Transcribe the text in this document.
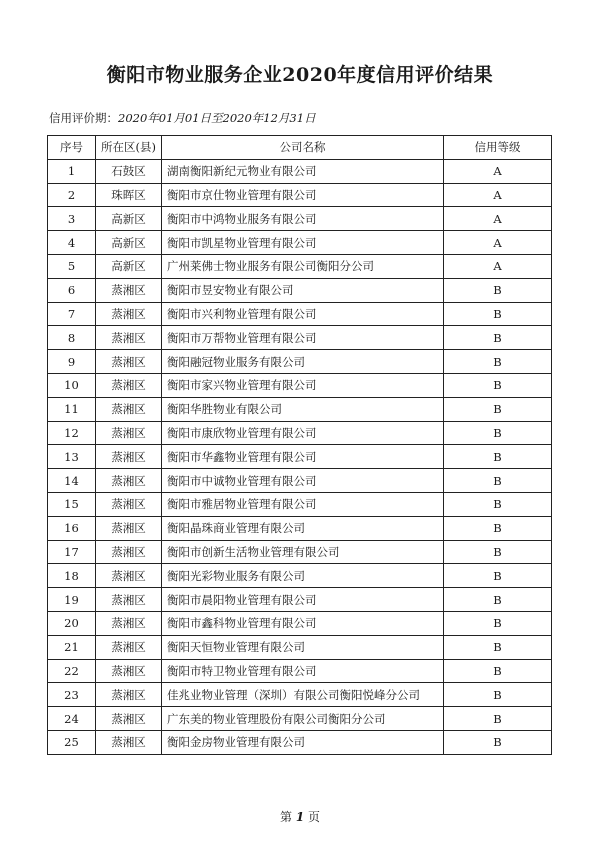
衡阳市物业服务企业2020年度信用评价结果
信用评价期：2020年01月01日至2020年12月31日
序号	所在区(县)	公司名称	信用等级
1	石鼓区	湖南衡阳新纪元物业有限公司	A
2	珠晖区	衡阳市京仕物业管理有限公司	A
3	高新区	衡阳市中鸿物业服务有限公司	A
4	高新区	衡阳市凯星物业管理有限公司	A
5	高新区	广州莱佛士物业服务有限公司衡阳分公司	A
6	蒸湘区	衡阳市昱安物业有限公司	B
7	蒸湘区	衡阳市兴利物业管理有限公司	B
8	蒸湘区	衡阳市万帮物业管理有限公司	B
9	蒸湘区	衡阳融冠物业服务有限公司	B
10	蒸湘区	衡阳市家兴物业管理有限公司	B
11	蒸湘区	衡阳华胜物业有限公司	B
12	蒸湘区	衡阳市康欣物业管理有限公司	B
13	蒸湘区	衡阳市华鑫物业管理有限公司	B
14	蒸湘区	衡阳市中诚物业管理有限公司	B
15	蒸湘区	衡阳市雅居物业管理有限公司	B
16	蒸湘区	衡阳晶珠商业管理有限公司	B
17	蒸湘区	衡阳市创新生活物业管理有限公司	B
18	蒸湘区	衡阳光彩物业服务有限公司	B
19	蒸湘区	衡阳市晨阳物业管理有限公司	B
20	蒸湘区	衡阳市鑫科物业管理有限公司	B
21	蒸湘区	衡阳天恒物业管理有限公司	B
22	蒸湘区	衡阳市特卫物业管理有限公司	B
23	蒸湘区	佳兆业物业管理（深圳）有限公司衡阳悦峰分公司	B
24	蒸湘区	广东美的物业管理股份有限公司衡阳分公司	B
25	蒸湘区	衡阳金房物业管理有限公司	B
第 1 页
